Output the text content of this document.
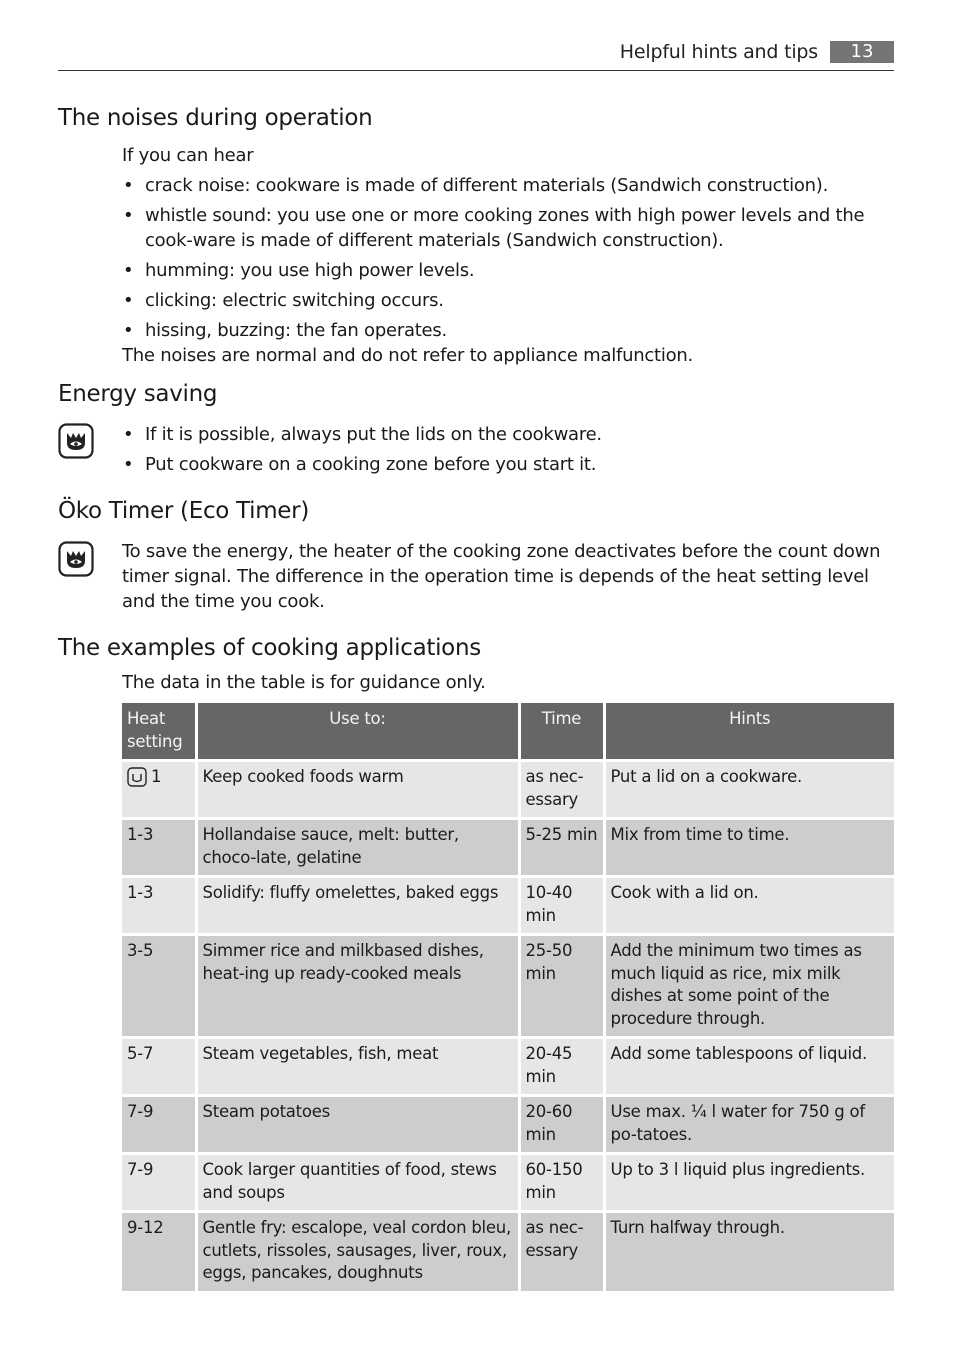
Helpful hints and tips	13
The noises during operation
If you can hear
• crack noise: cookware is made of different materials (Sandwich construction).
• whistle sound: you use one or more cooking zones with high power levels and the cook-ware is made of different materials (Sandwich construction).
• humming: you use high power levels.
• clicking: electric switching occurs.
• hissing, buzzing: the fan operates.
The noises are normal and do not refer to appliance malfunction.
Energy saving
• If it is possible, always put the lids on the cookware.
• Put cookware on a cooking zone before you start it.
Öko Timer (Eco Timer)
To save the energy, the heater of the cooking zone deactivates before the count down timer signal. The difference in the operation time is depends of the heat setting level and the time you cook.
The examples of cooking applications
The data in the table is for guidance only.
Heat setting	Use to:	Time	Hints
1	Keep cooked foods warm	as nec-essary	Put a lid on a cookware.
1-3	Hollandaise sauce, melt: butter, choco-late, gelatine	5-25 min	Mix from time to time.
1-3	Solidify: fluffy omelettes, baked eggs	10-40 min	Cook with a lid on.
3-5	Simmer rice and milkbased dishes, heat-ing up ready-cooked meals	25-50 min	Add the minimum two times as much liquid as rice, mix milk dishes at some point of the procedure through.
5-7	Steam vegetables, fish, meat	20-45 min	Add some tablespoons of liquid.
7-9	Steam potatoes	20-60 min	Use max. ¼ l water for 750 g of po-tatoes.
7-9	Cook larger quantities of food, stews and soups	60-150 min	Up to 3 l liquid plus ingredients.
9-12	Gentle fry: escalope, veal cordon bleu, cutlets, rissoles, sausages, liver, roux, eggs, pancakes, doughnuts	as nec-essary	Turn halfway through.
